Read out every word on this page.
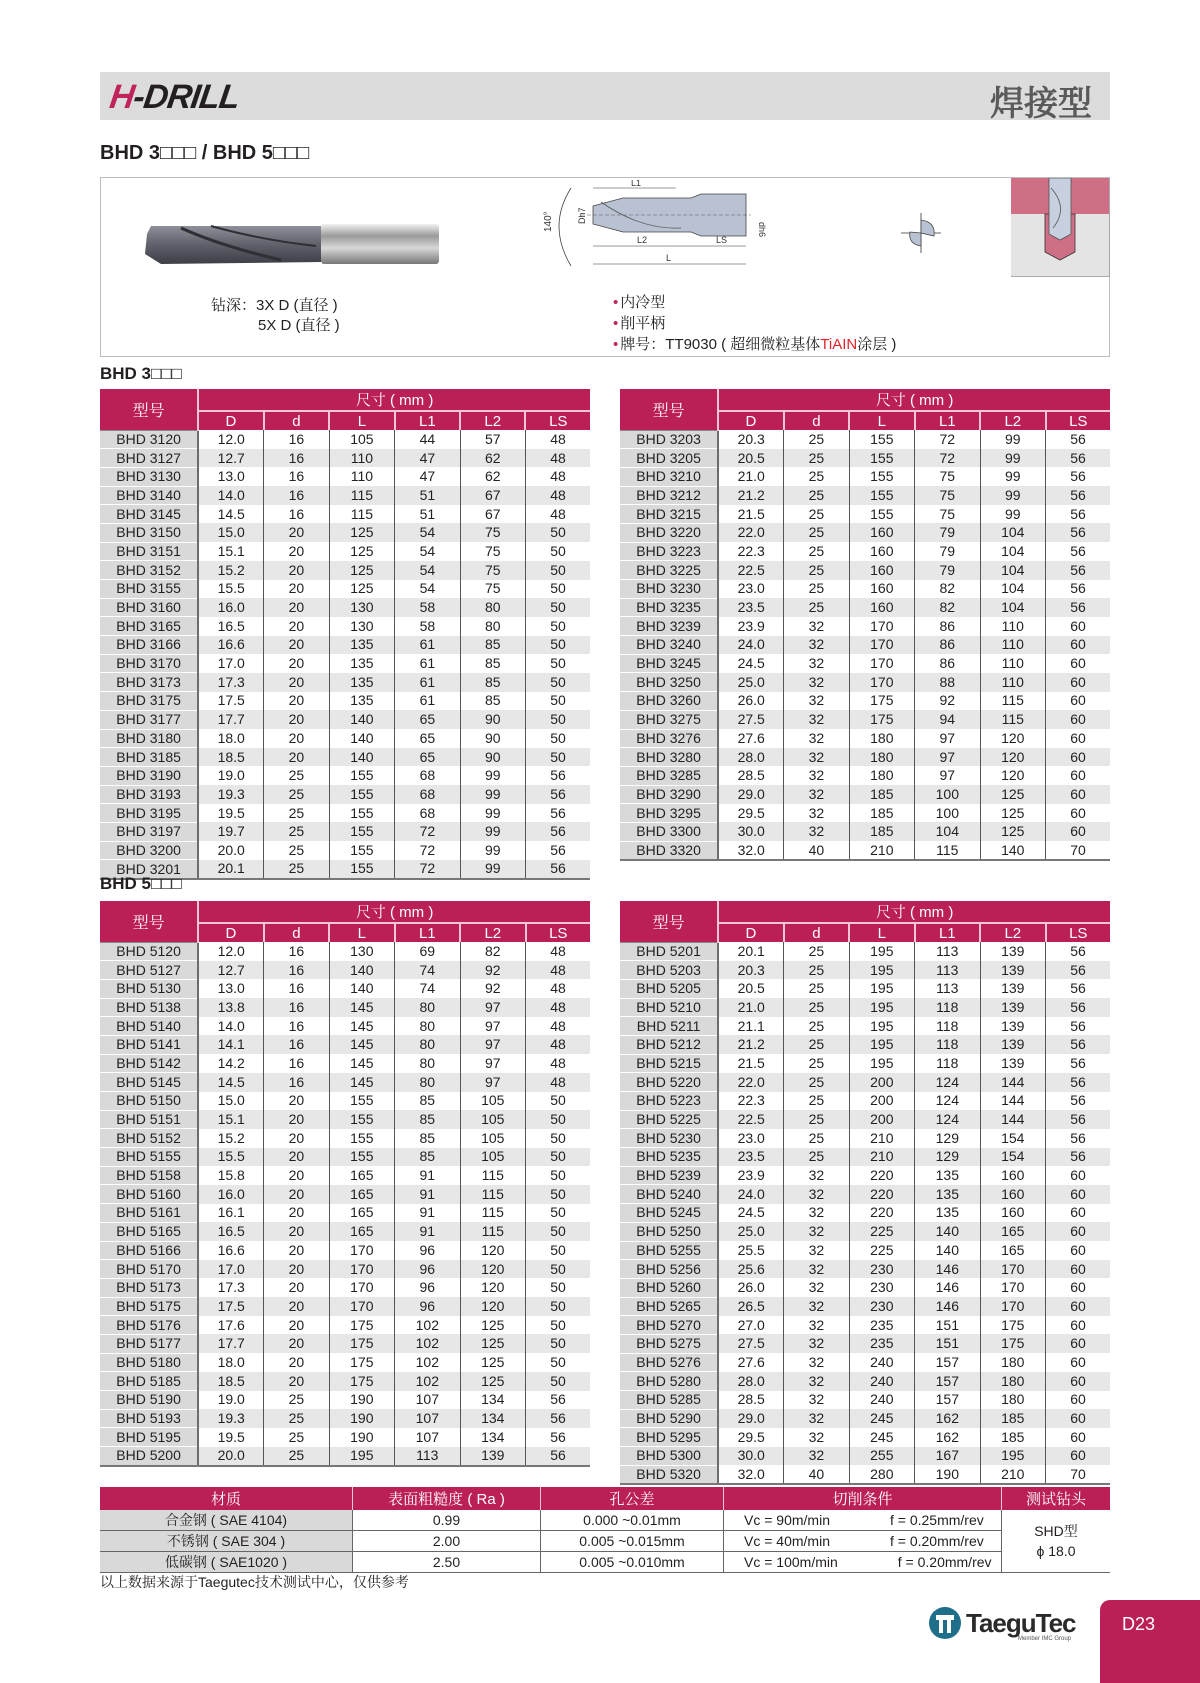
H-DRILL	焊接型
BHD 3□□□ / BHD 5□□□
钻深：3X D (直径 )
5X D (直径 )
140°
L1
L2	LS
L
Dh7
dh6
• 内冷型
• 削平柄
• 牌号：TT9030 ( 超细微粒基体TiAIN涂层 )
BHD 3□□□
型号	尺寸 ( mm )					
	D	d	L	L1	L2	LS
BHD 3120	12.0	16	105	44	57	48
BHD 3127	12.7	16	110	47	62	48
BHD 3130	13.0	16	110	47	62	48
BHD 3140	14.0	16	115	51	67	48
BHD 3145	14.5	16	115	51	67	48
BHD 3150	15.0	20	125	54	75	50
BHD 3151	15.1	20	125	54	75	50
BHD 3152	15.2	20	125	54	75	50
BHD 3155	15.5	20	125	54	75	50
BHD 3160	16.0	20	130	58	80	50
BHD 3165	16.5	20	130	58	80	50
BHD 3166	16.6	20	135	61	85	50
BHD 3170	17.0	20	135	61	85	50
BHD 3173	17.3	20	135	61	85	50
BHD 3175	17.5	20	135	61	85	50
BHD 3177	17.7	20	140	65	90	50
BHD 3180	18.0	20	140	65	90	50
BHD 3185	18.5	20	140	65	90	50
BHD 3190	19.0	25	155	68	99	56
BHD 3193	19.3	25	155	68	99	56
BHD 3195	19.5	25	155	68	99	56
BHD 3197	19.7	25	155	72	99	56
BHD 3200	20.0	25	155	72	99	56
BHD 3201	20.1	25	155	72	99	56
型号	尺寸 ( mm )					
	D	d	L	L1	L2	LS
BHD 3203	20.3	25	155	72	99	56
BHD 3205	20.5	25	155	72	99	56
BHD 3210	21.0	25	155	75	99	56
BHD 3212	21.2	25	155	75	99	56
BHD 3215	21.5	25	155	75	99	56
BHD 3220	22.0	25	160	79	104	56
BHD 3223	22.3	25	160	79	104	56
BHD 3225	22.5	25	160	79	104	56
BHD 3230	23.0	25	160	82	104	56
BHD 3235	23.5	25	160	82	104	56
BHD 3239	23.9	32	170	86	110	60
BHD 3240	24.0	32	170	86	110	60
BHD 3245	24.5	32	170	86	110	60
BHD 3250	25.0	32	170	88	110	60
BHD 3260	26.0	32	175	92	115	60
BHD 3275	27.5	32	175	94	115	60
BHD 3276	27.6	32	180	97	120	60
BHD 3280	28.0	32	180	97	120	60
BHD 3285	28.5	32	180	97	120	60
BHD 3290	29.0	32	185	100	125	60
BHD 3295	29.5	32	185	100	125	60
BHD 3300	30.0	32	185	104	125	60
BHD 3320	32.0	40	210	115	140	70
BHD 5□□□
型号	尺寸 ( mm )					
	D	d	L	L1	L2	LS
BHD 5120	12.0	16	130	69	82	48
BHD 5127	12.7	16	140	74	92	48
BHD 5130	13.0	16	140	74	92	48
BHD 5138	13.8	16	145	80	97	48
BHD 5140	14.0	16	145	80	97	48
BHD 5141	14.1	16	145	80	97	48
BHD 5142	14.2	16	145	80	97	48
BHD 5145	14.5	16	145	80	97	48
BHD 5150	15.0	20	155	85	105	50
BHD 5151	15.1	20	155	85	105	50
BHD 5152	15.2	20	155	85	105	50
BHD 5155	15.5	20	155	85	105	50
BHD 5158	15.8	20	165	91	115	50
BHD 5160	16.0	20	165	91	115	50
BHD 5161	16.1	20	165	91	115	50
BHD 5165	16.5	20	165	91	115	50
BHD 5166	16.6	20	170	96	120	50
BHD 5170	17.0	20	170	96	120	50
BHD 5173	17.3	20	170	96	120	50
BHD 5175	17.5	20	170	96	120	50
BHD 5176	17.6	20	175	102	125	50
BHD 5177	17.7	20	175	102	125	50
BHD 5180	18.0	20	175	102	125	50
BHD 5185	18.5	20	175	102	125	50
BHD 5190	19.0	25	190	107	134	56
BHD 5193	19.3	25	190	107	134	56
BHD 5195	19.5	25	190	107	134	56
BHD 5200	20.0	25	195	113	139	56
型号	尺寸 ( mm )					
	D	d	L	L1	L2	LS
BHD 5201	20.1	25	195	113	139	56
BHD 5203	20.3	25	195	113	139	56
BHD 5205	20.5	25	195	113	139	56
BHD 5210	21.0	25	195	118	139	56
BHD 5211	21.1	25	195	118	139	56
BHD 5212	21.2	25	195	118	139	56
BHD 5215	21.5	25	195	118	139	56
BHD 5220	22.0	25	200	124	144	56
BHD 5223	22.3	25	200	124	144	56
BHD 5225	22.5	25	200	124	144	56
BHD 5230	23.0	25	210	129	154	56
BHD 5235	23.5	25	210	129	154	56
BHD 5239	23.9	32	220	135	160	60
BHD 5240	24.0	32	220	135	160	60
BHD 5245	24.5	32	220	135	160	60
BHD 5250	25.0	32	225	140	165	60
BHD 5255	25.5	32	225	140	165	60
BHD 5256	25.6	32	230	146	170	60
BHD 5260	26.0	32	230	146	170	60
BHD 5265	26.5	32	230	146	170	60
BHD 5270	27.0	32	235	151	175	60
BHD 5275	27.5	32	235	151	175	60
BHD 5276	27.6	32	240	157	180	60
BHD 5280	28.0	32	240	157	180	60
BHD 5285	28.5	32	240	157	180	60
BHD 5290	29.0	32	245	162	185	60
BHD 5295	29.5	32	245	162	185	60
BHD 5300	30.0	32	255	167	195	60
BHD 5320	32.0	40	280	190	210	70
材质	表面粗糙度 ( Ra )	孔公差	切削条件	测试钻头
合金钢 ( SAE 4104)	0.99	0.000 ~0.01mm	Vc = 90m/min f = 0.25mm/rev	SHD型
ϕ 18.0

不锈钢 ( SAE 304 )	2.00	0.005 ~0.015mm	Vc = 40m/min f = 0.20mm/rev	
低碳钢 ( SAE1020 )	2.50	0.005 ~0.010mm	Vc = 100m/min f = 0.20mm/rev	
以上数据来源于Taegutec技术测试中心，仅供参考
TaeguTec
Member IMC Group
D23
